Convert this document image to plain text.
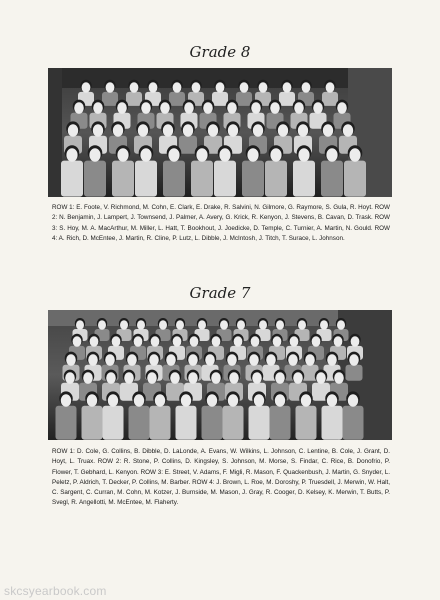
Grade 8

ROW 1: E. Foote, V. Richmond, M. Cohn, E. Clark, E. Drake, R. Salvini, N. Gilmore, G. Raymore, S. Gula, R. Hoyt. ROW 2: N. Benjamin, J. Lampert, J. Townsend, J. Palmer, A. Avery, G. Krick, R. Kenyon, J. Stevens, B. Cavan, D. Trask. ROW 3: S. Hoy, M. A. MacArthur, M. Miller, L. Hatt, T. Bookhout, J. Joedicke, D. Temple, C. Turnier, A. Martin, N. Gould. ROW 4: A. Rich, D. McEntee, J. Martin, R. Cline, P. Lutz, L. Dibble, J. McIntosh, J. Titch, T. Surace, L. Johnson.

Grade 7

ROW 1: D. Cole, G. Collins, B. Dibble, D. LaLonde, A. Evans, W. Wilkins, L. Johnson, C. Lentine, B. Cole, J. Grant, D. Hoyt, L. Truax. ROW 2: R. Stone, P. Collins, D. Kingsley, S. Johnson, M. Morse, S. Findar, C. Rice, B. Donofrio, P. Flower, T. Gebhard, L. Kenyon. ROW 3: E. Street, V. Adams, F. Migli, R. Mason, F. Quackenbush, J. Martin, G. Snyder, L. Peletz, P. Aldrich, T. Decker, P. Collins, M. Barber. ROW 4: J. Brown, L. Roe, M. Doroshy, P. Truesdell, J. Merwin, W. Halt, C. Sargent, C. Curran, M. Cohn, M. Kotzer, J. Burnside, M. Mason, J. Gray, R. Cooger, D. Kelsey, K. Merwin, T. Butts, P. Svegl, R. Angellotti, M. McEntee, M. Flaherty.

skcsyearbook.com
